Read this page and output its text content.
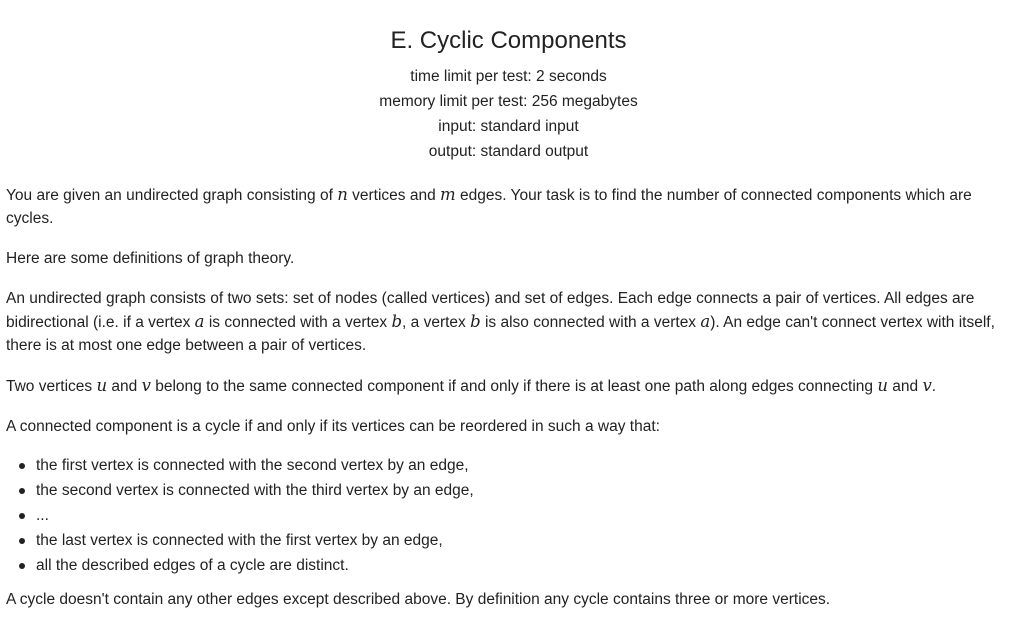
E. Cyclic Components
time limit per test: 2 seconds
memory limit per test: 256 megabytes
input: standard input
output: standard output

You are given an undirected graph consisting of n vertices and m edges. Your task is to find the number of connected components which are cycles.

Here are some definitions of graph theory.

An undirected graph consists of two sets: set of nodes (called vertices) and set of edges. Each edge connects a pair of vertices. All edges are bidirectional (i.e. if a vertex a is connected with a vertex b, a vertex b is also connected with a vertex a). An edge can't connect vertex with itself, there is at most one edge between a pair of vertices.

Two vertices u and v belong to the same connected component if and only if there is at least one path along edges connecting u and v.

A connected component is a cycle if and only if its vertices can be reordered in such a way that:

the first vertex is connected with the second vertex by an edge,
the second vertex is connected with the third vertex by an edge,
...
the last vertex is connected with the first vertex by an edge,
all the described edges of a cycle are distinct.

A cycle doesn't contain any other edges except described above. By definition any cycle contains three or more vertices.
